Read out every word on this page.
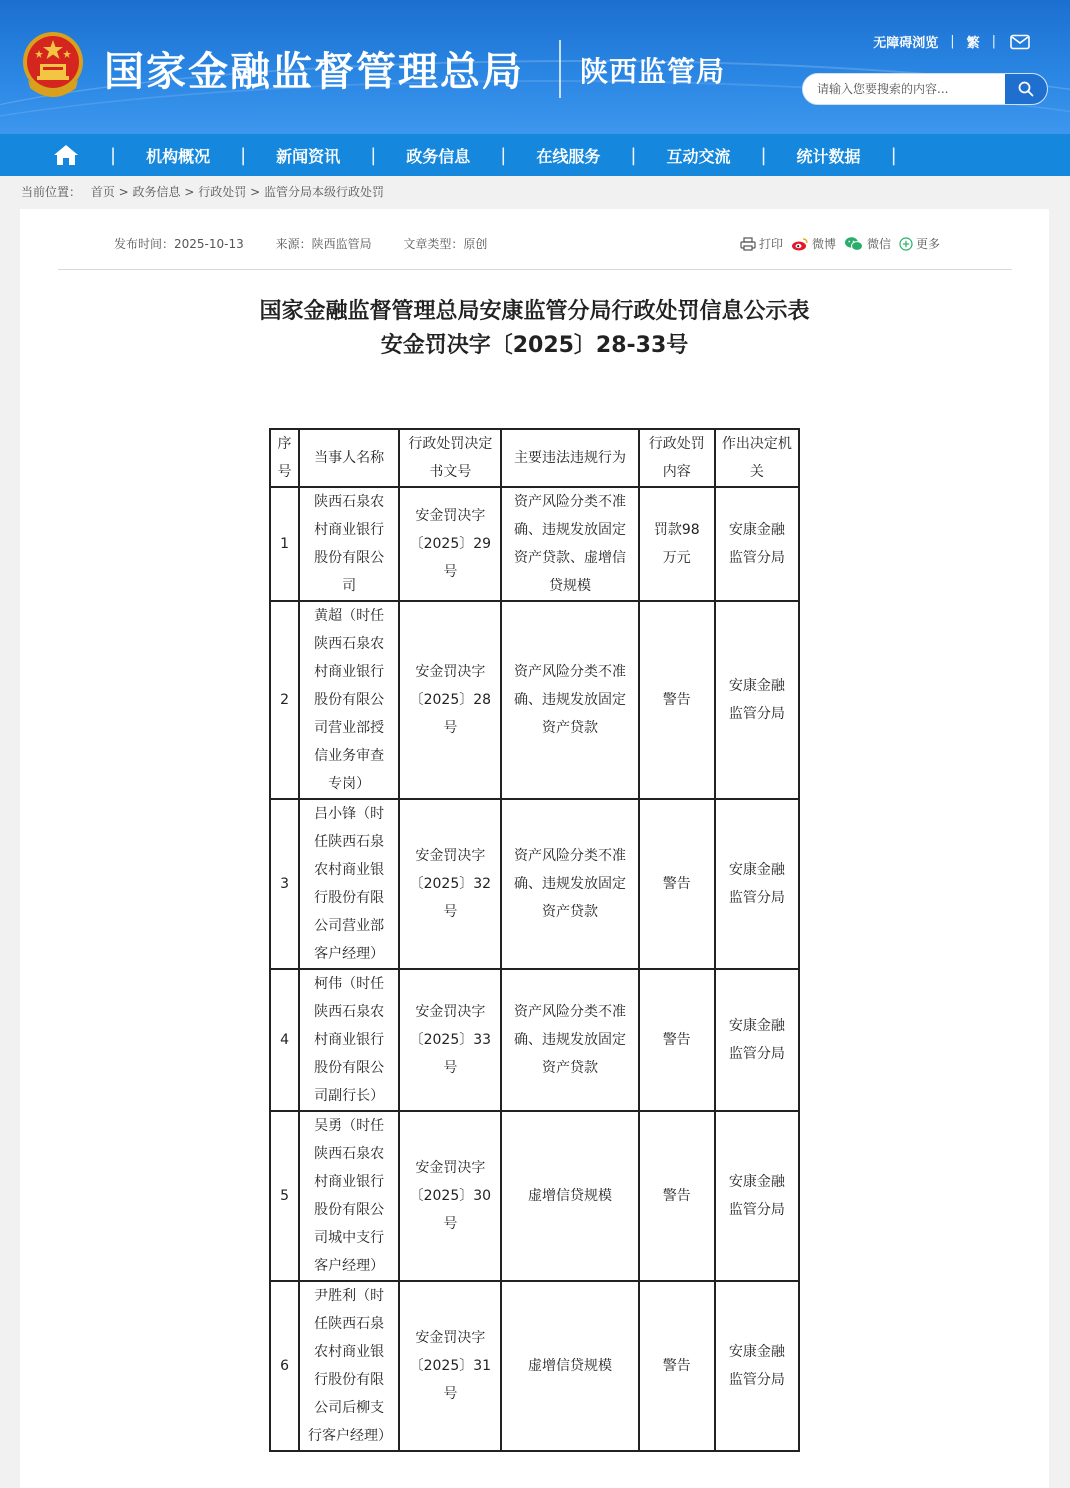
国家金融监督管理总局 陕西监管局
无障碍浏览 | 繁 |
请输入您要搜索的内容...
| 机构概况 | 新闻资讯 | 政务信息 | 在线服务 | 互动交流 | 统计数据 |
当前位置： 首页 > 政务信息 > 行政处罚 > 监管分局本级行政处罚
发布时间：2025-10-13	来源：陕西监管局	文章类型：原创	打印 微博	微信 更多
国家金融监督管理总局安康监管分局行政处罚信息公示表
安金罚决字〔2025〕28-33号
序号	当事人名称	行政处罚决定书文号	主要违法违规行为	行政处罚内容	作出决定机关
1	陕西石泉农村商业银行股份有限公司	安金罚决字〔2025〕29号	资产风险分类不准确、违规发放固定资产贷款、虚增信贷规模	罚款98万元	安康金融监管分局
2	黄超（时任陕西石泉农村商业银行股份有限公司营业部授信业务审查专岗）	安金罚决字〔2025〕28号	资产风险分类不准确、违规发放固定资产贷款	警告	安康金融监管分局
3	吕小锋（时任陕西石泉农村商业银行股份有限公司营业部客户经理）	安金罚决字〔2025〕32号	资产风险分类不准确、违规发放固定资产贷款	警告	安康金融监管分局
4	柯伟（时任陕西石泉农村商业银行股份有限公司副行长）	安金罚决字〔2025〕33号	资产风险分类不准确、违规发放固定资产贷款	警告	安康金融监管分局
5	吴勇（时任陕西石泉农村商业银行股份有限公司城中支行客户经理）	安金罚决字〔2025〕30号	虚增信贷规模	警告	安康金融监管分局
6	尹胜利（时任陕西石泉农村商业银行股份有限公司后柳支行客户经理）	安金罚决字〔2025〕31号	虚增信贷规模	警告	安康金融监管分局
